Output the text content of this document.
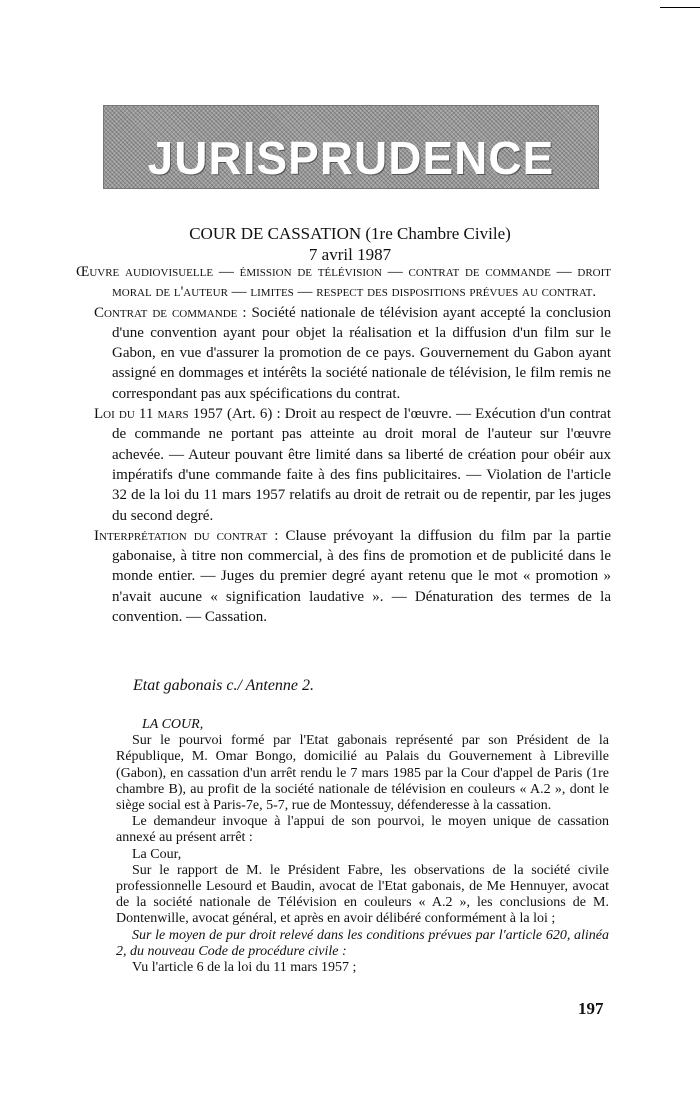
JURISPRUDENCE
COUR DE CASSATION (1re Chambre Civile)
7 avril 1987

Œuvre audiovisuelle — émission de télévision — contrat de commande — droit moral de l'auteur — limites — respect des dispositions prévues au contrat.

Contrat de commande : Société nationale de télévision ayant accepté la conclusion d'une convention ayant pour objet la réalisation et la diffusion d'un film sur le Gabon, en vue d'assurer la promotion de ce pays. Gouvernement du Gabon ayant assigné en dommages et intérêts la société nationale de télévision, le film remis ne correspondant pas aux spécifications du contrat.

Loi du 11 mars 1957 (Art. 6) : Droit au respect de l'œuvre. — Exécution d'un contrat de commande ne portant pas atteinte au droit moral de l'auteur sur l'œuvre achevée. — Auteur pouvant être limité dans sa liberté de création pour obéir aux impératifs d'une commande faite à des fins publicitaires. — Violation de l'article 32 de la loi du 11 mars 1957 relatifs au droit de retrait ou de repentir, par les juges du second degré.

Interprétation du contrat : Clause prévoyant la diffusion du film par la partie gabonaise, à titre non commercial, à des fins de promotion et de publicité dans le monde entier. — Juges du premier degré ayant retenu que le mot « promotion » n'avait aucune « signification laudative ». — Dénaturation des termes de la convention. — Cassation.

Etat gabonais c./ Antenne 2.

LA COUR,

Sur le pourvoi formé par l'Etat gabonais représenté par son Président de la République, M. Omar Bongo, domicilié au Palais du Gouvernement à Libreville (Gabon), en cassation d'un arrêt rendu le 7 mars 1985 par la Cour d'appel de Paris (1re chambre B), au profit de la société nationale de télévision en couleurs « A.2 », dont le siège social est à Paris-7e, 5-7, rue de Montessuy, défenderesse à la cassation.

Le demandeur invoque à l'appui de son pourvoi, le moyen unique de cassation annexé au présent arrêt :

La Cour,

Sur le rapport de M. le Président Fabre, les observations de la société civile professionnelle Lesourd et Baudin, avocat de l'Etat gabonais, de Me Hennuyer, avocat de la société nationale de Télévision en couleurs « A.2 », les conclusions de M. Dontenwille, avocat général, et après en avoir délibéré conformément à la loi ;

Sur le moyen de pur droit relevé dans les conditions prévues par l'article 620, alinéa 2, du nouveau Code de procédure civile :

Vu l'article 6 de la loi du 11 mars 1957 ;

197
